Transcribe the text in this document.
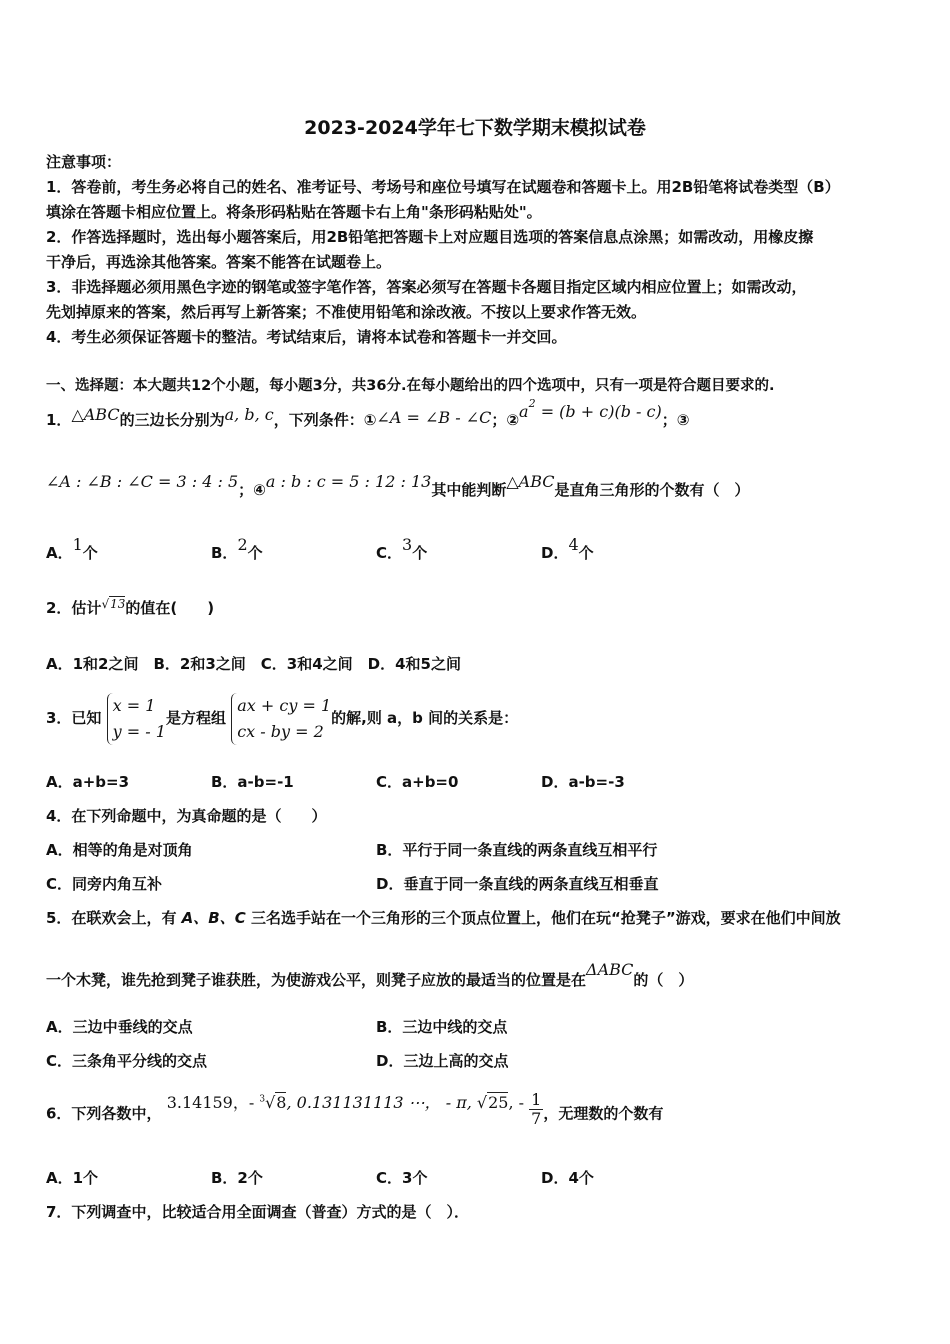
2023-2024学年七下数学期末模拟试卷
注意事项：
1．答卷前，考生务必将自己的姓名、准考证号、考场号和座位号填写在试题卷和答题卡上。用2B铅笔将试卷类型（B）
填涂在答题卡相应位置上。将条形码粘贴在答题卡右上角"条形码粘贴处"。
2．作答选择题时，选出每小题答案后，用2B铅笔把答题卡上对应题目选项的答案信息点涂黑；如需改动，用橡皮擦
干净后，再选涂其他答案。答案不能答在试题卷上。
3．非选择题必须用黑色字迹的钢笔或签字笔作答，答案必须写在答题卡各题目指定区域内相应位置上；如需改动，
先划掉原来的答案，然后再写上新答案；不准使用铅笔和涂改液。不按以上要求作答无效。
4．考生必须保证答题卡的整洁。考试结束后，请将本试卷和答题卡一并交回。
一、选择题：本大题共12个小题，每小题3分，共36分.在每小题给出的四个选项中，只有一项是符合题目要求的.
1．△ABC的三边长分别为a, b, c，下列条件：①∠A = ∠B - ∠C；$②a^2 = (b + c)(b - c)$；③
∠A : ∠B : ∠C = 3 : 4 : 5；④a : b : c = 5 : 12 : 13其中能判断△ABC是直角三角形的个数有（　）
A．1个	B．2个	C．3个	D．4个
2．估计$^{√13}$的值在(　　)
A．1和2之间　B．2和3之间　C．3和4之间　D．4和5之间
3．已知
x = 1
y = - 1
是方程组
ax + cy = 1
cx - by = 2
的解,则 a，b 间的关系是：
A．a+b=3	B．a-b=-1	C．a+b=0	D．a-b=-3
4．在下列命题中，为真命题的是（　　）
A．相等的角是对顶角	B．平行于同一条直线的两条直线互相平行
C．同旁内角互补	D．垂直于同一条直线的两条直线互相垂直
5．在联欢会上，有 A、B、C 三名选手站在一个三角形的三个顶点位置上，他们在玩“抢凳子”游戏，要求在他们中间放
一个木凳，谁先抢到凳子谁获胜，为使游戏公平，则凳子应放的最适当的位置是在ΔABC的（　）
A．三边中垂线的交点	B．三边中线的交点
C．三条角平分线的交点	D．三边上高的交点
6．下列各数中， 3.14159，- $^3$√8, 0.131131113 ⋯， - π, √25, - $\frac{1}{7}$ ，无理数的个数有
A．1个	B．2个	C．3个	D．4个
7．下列调查中，比较适合用全面调查（普查）方式的是（　）．
